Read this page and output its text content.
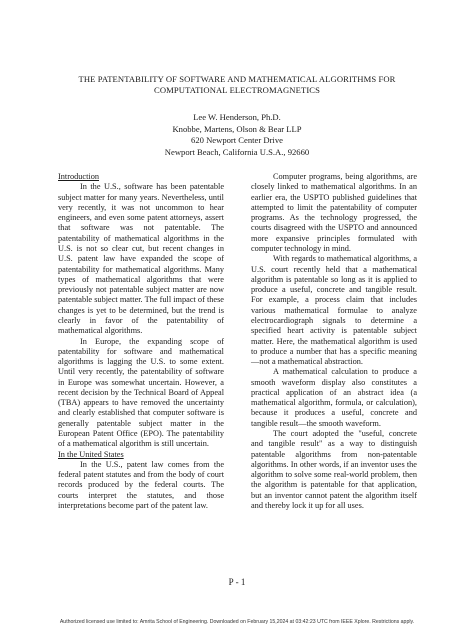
THE PATENTABILITY OF SOFTWARE AND MATHEMATICAL ALGORITHMS FOR
COMPUTATIONAL ELECTROMAGNETICS
Lee W. Henderson, Ph.D.
Knobbe, Martens, Olson & Bear LLP
620 Newport Center Drive
Newport Beach, California U.S.A., 92660

Introduction

In the U.S., software has been patentable subject matter for many years. Nevertheless, until very recently, it was not uncommon to hear engineers, and even some patent attorneys, assert that software was not patentable. The patentability of mathematical algorithms in the U.S. is not so clear cut, but recent changes in U.S. patent law have expanded the scope of patentability for mathematical algorithms. Many types of mathematical algorithms that were previously not patentable subject matter are now patentable subject matter. The full impact of these changes is yet to be determined, but the trend is clearly in favor of the patentability of mathematical algorithms.

In Europe, the expanding scope of patentability for software and mathematical algorithms is lagging the U.S. to some extent. Until very recently, the patentability of software in Europe was somewhat uncertain. However, a recent decision by the Technical Board of Appeal (TBA) appears to have removed the uncertainty and clearly established that computer software is generally patentable subject matter in the European Patent Office (EPO). The patentability of a mathematical algorithm is still uncertain.

In the United States

In the U.S., patent law comes from the federal patent statutes and from the body of court records produced by the federal courts. The courts interpret the statutes, and those interpretations become part of the patent law.

Computer programs, being algorithms, are closely linked to mathematical algorithms. In an earlier era, the USPTO published guidelines that attempted to limit the patentability of computer programs. As the technology progressed, the courts disagreed with the USPTO and announced more expansive principles formulated with computer technology in mind.

With regards to mathematical algorithms, a U.S. court recently held that a mathematical algorithm is patentable so long as it is applied to produce a useful, concrete and tangible result. For example, a process claim that includes various mathematical formulae to analyze electrocardiograph signals to determine a specified heart activity is patentable subject matter. Here, the mathematical algorithm is used to produce a number that has a specific meaning—not a mathematical abstraction.

A mathematical calculation to produce a smooth waveform display also constitutes a practical application of an abstract idea (a mathematical algorithm, formula, or calculation), because it produces a useful, concrete and tangible result—the smooth waveform.

The court adopted the "useful, concrete and tangible result" as a way to distinguish patentable algorithms from non-patentable algorithms. In other words, if an inventor uses the algorithm to solve some real-world problem, then the algorithm is patentable for that application, but an inventor cannot patent the algorithm itself and thereby lock it up for all uses.

P - 1
Authorized licensed use limited to: Amrita School of Engineering. Downloaded on February 15,2024 at 03:42:23 UTC from IEEE Xplore. Restrictions apply.
